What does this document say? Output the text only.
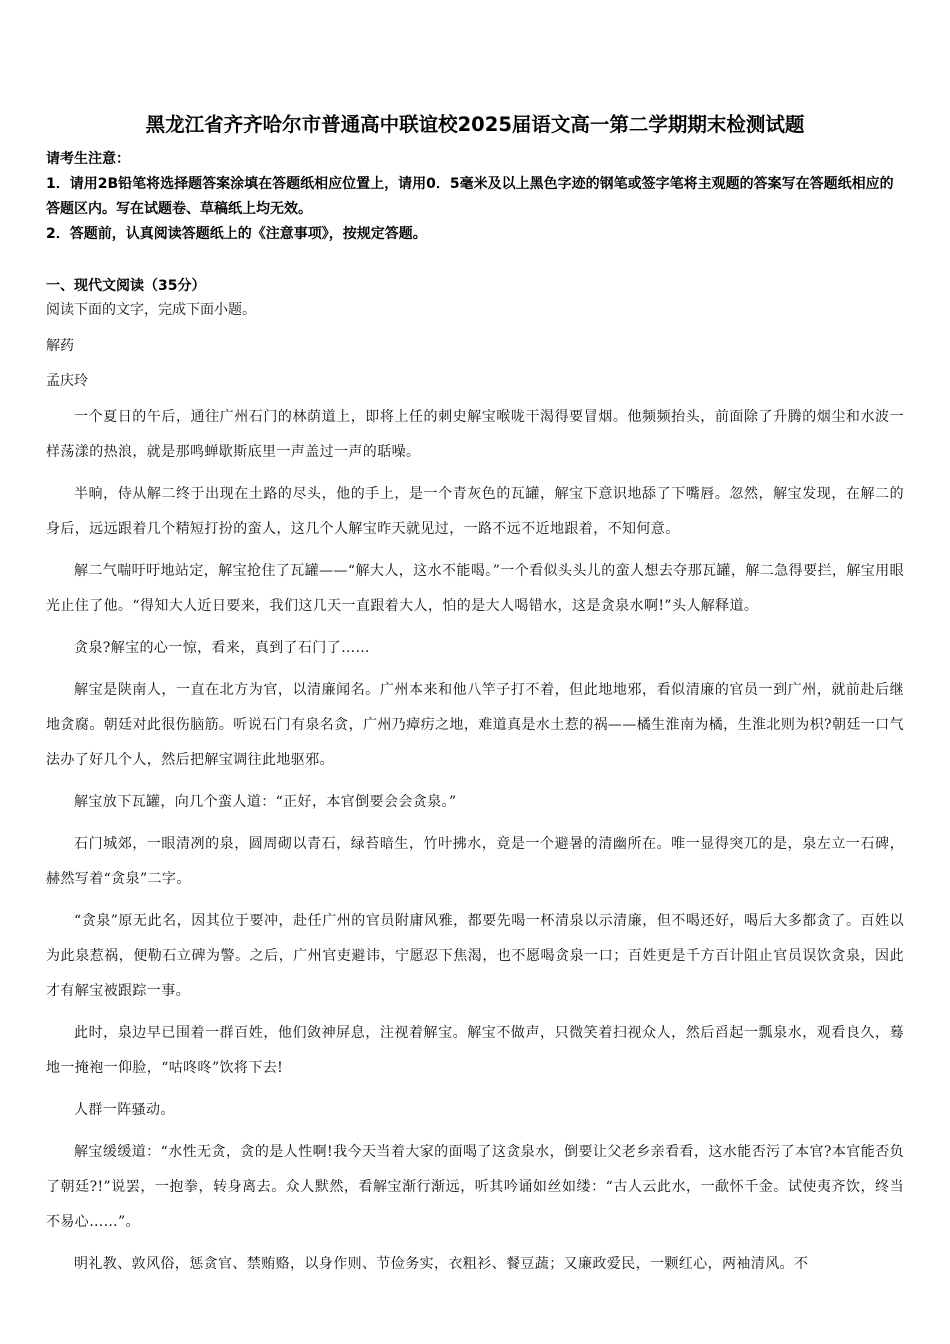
黑龙江省齐齐哈尔市普通高中联谊校2025届语文高一第二学期期末检测试题

请考生注意：

1．请用2B铅笔将选择题答案涂填在答题纸相应位置上，请用0．5毫米及以上黑色字迹的钢笔或签字笔将主观题的答案写在答题纸相应的答题区内。写在试题卷、草稿纸上均无效。

2．答题前，认真阅读答题纸上的《注意事项》，按规定答题。

一、现代文阅读（35分）

阅读下面的文字，完成下面小题。

解药

孟庆玲

一个夏日的午后，通往广州石门的林荫道上，即将上任的刺史解宝喉咙干渴得要冒烟。他频频抬头，前面除了升腾的烟尘和水波一样荡漾的热浪，就是那鸣蝉歇斯底里一声盖过一声的聒噪。

半晌，侍从解二终于出现在土路的尽头，他的手上，是一个青灰色的瓦罐，解宝下意识地舔了下嘴唇。忽然，解宝发现，在解二的身后，远远跟着几个精短打扮的蛮人，这几个人解宝昨天就见过，一路不远不近地跟着，不知何意。

解二气喘吁吁地站定，解宝抢住了瓦罐——“解大人，这水不能喝。”一个看似头头儿的蛮人想去夺那瓦罐，解二急得要拦，解宝用眼光止住了他。“得知大人近日要来，我们这几天一直跟着大人，怕的是大人喝错水，这是贪泉水啊!”头人解释道。

贪泉?解宝的心一惊，看来，真到了石门了……

解宝是陕南人，一直在北方为官，以清廉闻名。广州本来和他八竿子打不着，但此地地邪，看似清廉的官员一到广州，就前赴后继地贪腐。朝廷对此很伤脑筋。听说石门有泉名贪，广州乃瘴疠之地，难道真是水土惹的祸——橘生淮南为橘，生淮北则为枳?朝廷一口气法办了好几个人，然后把解宝调往此地驱邪。

解宝放下瓦罐，向几个蛮人道：“正好，本官倒要会会贪泉。”

石门城郊，一眼清冽的泉，圆周砌以青石，绿苔暗生，竹叶拂水，竟是一个避暑的清幽所在。唯一显得突兀的是，泉左立一石碑，赫然写着“贪泉”二字。

“贪泉”原无此名，因其位于要冲，赴任广州的官员附庸风雅，都要先喝一杯清泉以示清廉，但不喝还好，喝后大多都贪了。百姓以为此泉惹祸，便勒石立碑为警。之后，广州官吏避讳，宁愿忍下焦渴，也不愿喝贪泉一口；百姓更是千方百计阻止官员误饮贪泉，因此才有解宝被跟踪一事。

此时，泉边早已围着一群百姓，他们敛神屏息，注视着解宝。解宝不做声，只微笑着扫视众人，然后舀起一瓢泉水，观看良久，蓦地一掩袍一仰脸，“咕咚咚”饮将下去!

人群一阵骚动。

解宝缓缓道：“水性无贪，贪的是人性啊!我今天当着大家的面喝了这贪泉水，倒要让父老乡亲看看，这水能否污了本官?本官能否负了朝廷?!”说罢，一抱拳，转身离去。众人默然，看解宝渐行渐远，听其吟诵如丝如缕：“古人云此水，一歃怀千金。试使夷齐饮，终当不易心……”。

明礼教、敦风俗，惩贪官、禁贿赂，以身作则、节俭务实，衣粗衫、餐豆蔬；又廉政爱民，一颗红心，两袖清风。不
